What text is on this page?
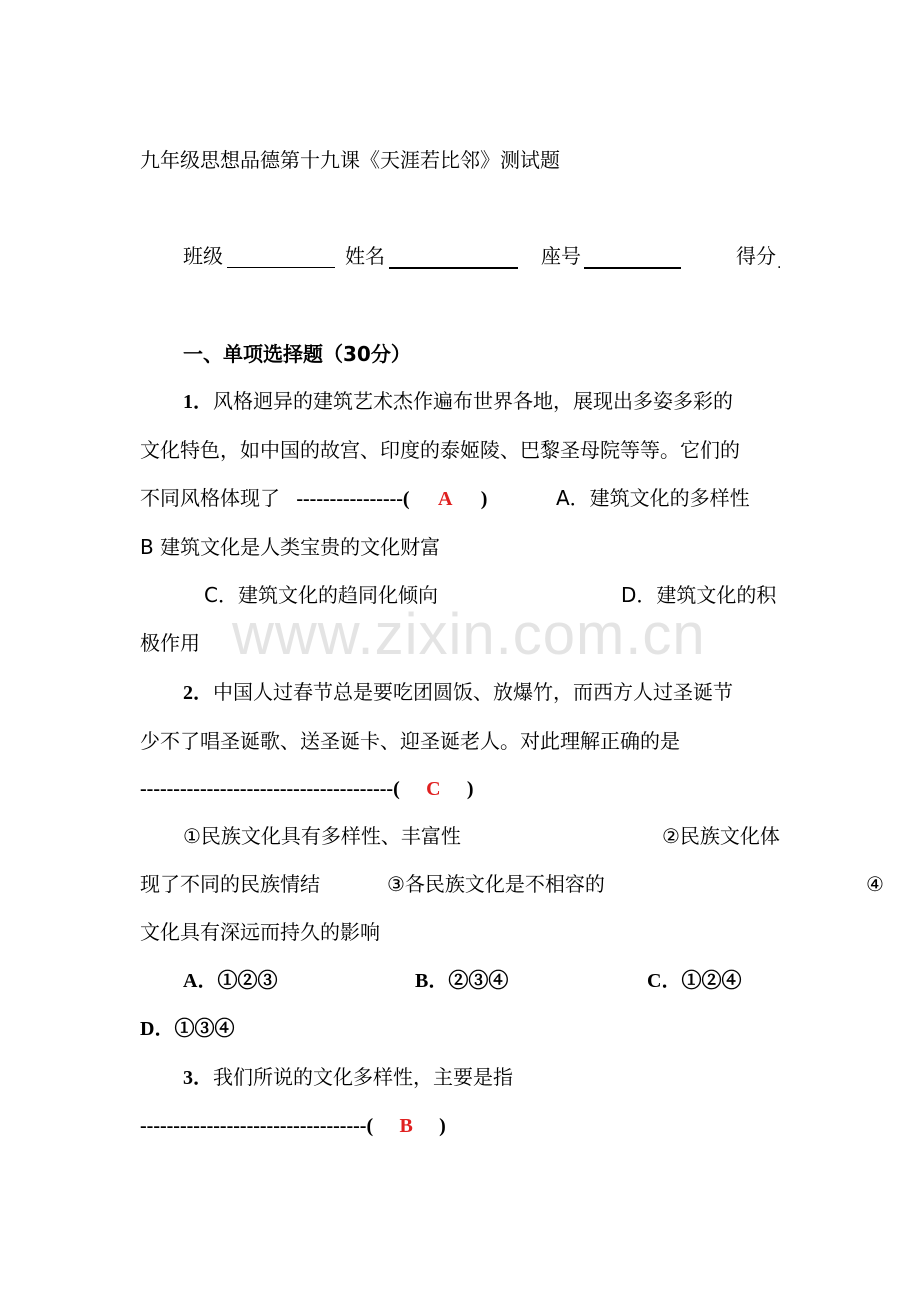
www.zixin.com.cn
九年级思想品德第十九课《天涯若比邻》测试题
班级	姓名	座号	得分 .
一、单项选择题（30分）
1．风格迥异的建筑艺术杰作遍布世界各地，展现出多姿多彩的
文化特色，如中国的故宫、印度的泰姬陵、巴黎圣母院等等。它们的
不同风格体现了 ----------------( A )	A．建筑文化的多样性
B 建筑文化是人类宝贵的文化财富
C．建筑文化的趋同化倾向	D．建筑文化的积
极作用
2．中国人过春节总是要吃团圆饭、放爆竹，而西方人过圣诞节
少不了唱圣诞歌、送圣诞卡、迎圣诞老人。对此理解正确的是
--------------------------------------( C )
①民族文化具有多样性、丰富性	②民族文化体
现了不同的民族情结	③各民族文化是不相容的	④
文化具有深远而持久的影响
A．①②③	B．②③④	C．①②④
D．①③④
3．我们所说的文化多样性，主要是指
----------------------------------( B )
